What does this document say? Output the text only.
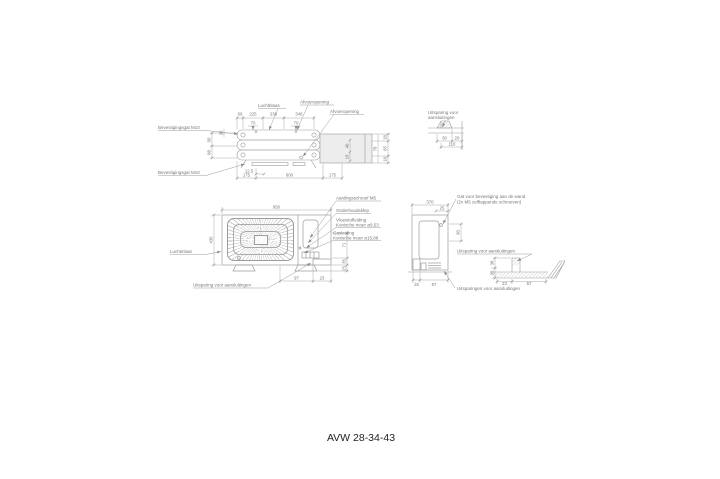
Bevestigingsgat M10
Bevestigingsgat M10
Luchtblaas
Afvoeropening
Afvoeropening	Uitsparing voor
aansluitingen
69 225	238	348
70	70
20
50
88
175	600	175
12.5
40
16
70
18
65
18
30 20
110
950
435
Luchtinlaat
Aardingsschroef M5
Onderhoudsklep
Vloeistofleiding
Konische moer ø9,53
Gasleiding
Konische moer ø15,88
Uitsparing voor aansluitingen
71
35
25
97	23
370
25
Gat voor bevestiging aan de wand
(2x M5 zelftappende schroeven)
90
25	67
Uitsparingen voor aansluitingen
Uitsparing voor aansluitingen
38
35
23	57
AVW 28-34-43
